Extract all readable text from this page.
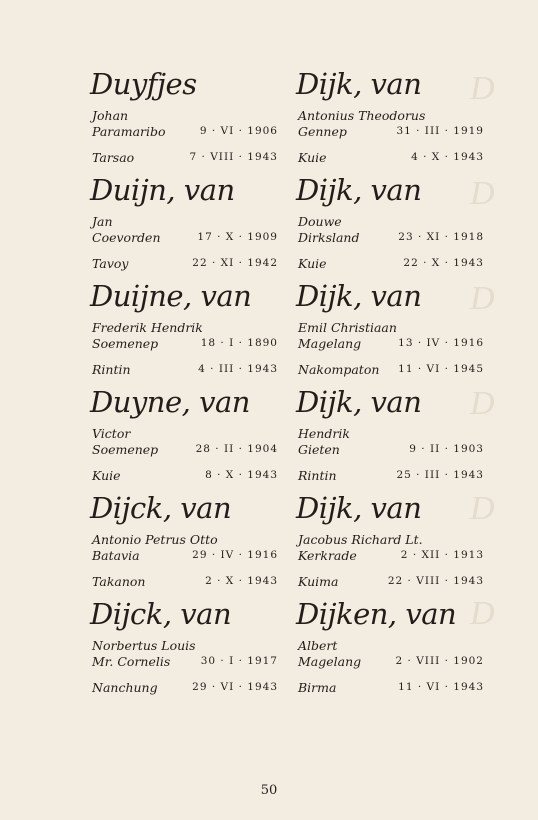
D
D
D
D
D
D
Duyfjes
Johan
Paramaribo	9 · VI · 1906
Tarsao	7 · VIII · 1943
Duijn, van
Jan
Coevorden	17 · X · 1909
Tavoy	22 · XI · 1942
Duijne, van
Frederik Hendrik
Soemenep	18 · I · 1890
Rintin	4 · III · 1943
Duyne, van
Victor
Soemenep	28 · II · 1904
Kuie	8 · X · 1943
Dijck, van
Antonio Petrus Otto
Batavia	29 · IV · 1916
Takanon	2 · X · 1943
Dijck, van
Norbertus Louis
Mr. Cornelis	30 · I · 1917
Nanchung	29 · VI · 1943
Dijk, van
Antonius Theodorus
Gennep	31 · III · 1919
Kuie	4 · X · 1943
Dijk, van
Douwe
Dirksland	23 · XI · 1918
Kuie	22 · X · 1943
Dijk, van
Emil Christiaan
Magelang	13 · IV · 1916
Nakompaton 11 · VI · 1945
Dijk, van
Hendrik
Gieten	9 · II · 1903
Rintin	25 · III · 1943
Dijk, van
Jacobus Richard Lt.
Kerkrade	2 · XII · 1913
Kuima	22 · VIII · 1943
Dijken, van
Albert
Magelang	2 · VIII · 1902
Birma	11 · VI · 1943
50
